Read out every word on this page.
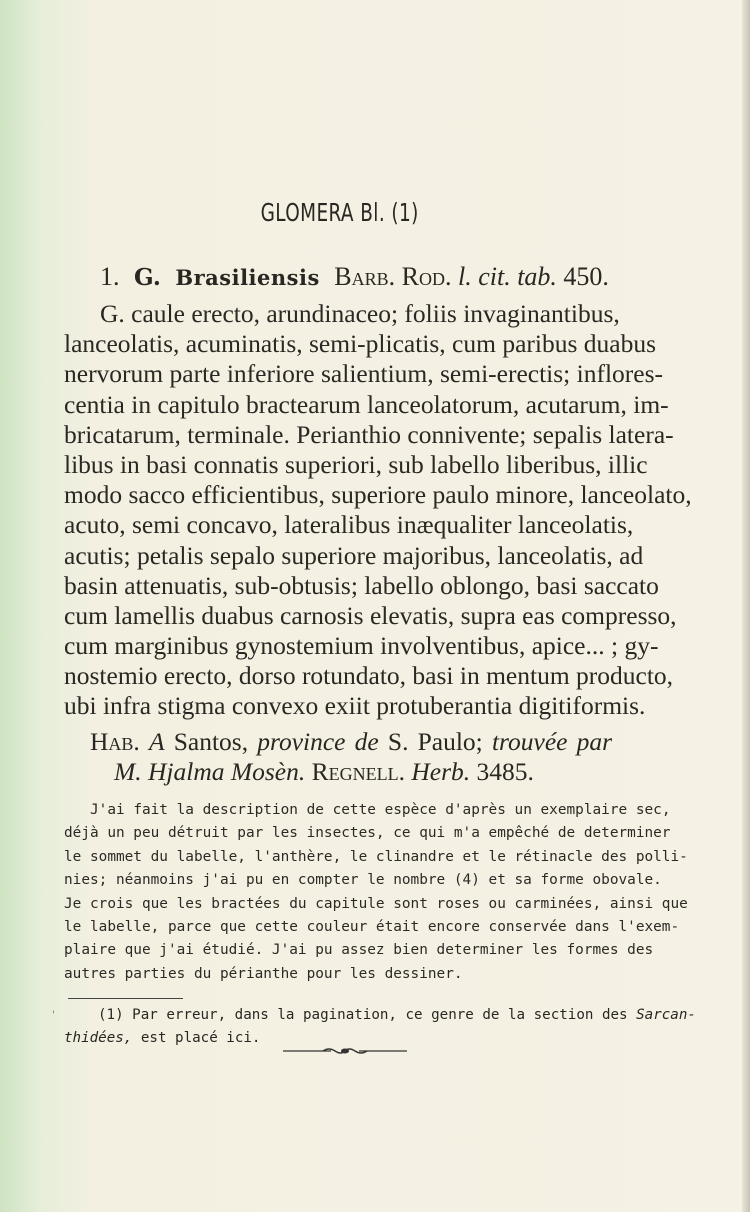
GLOMERA Bl. (1)
1. G. Brasiliensis Barb. Rod. l. cit. tab. 450.
G. caule erecto, arundinaceo; foliis invaginantibus,
lanceolatis, acuminatis, semi-plicatis, cum paribus duabus
nervorum parte inferiore salientium, semi-erectis; inflores-
centia in capitulo bractearum lanceolatorum, acutarum, im-
bricatarum, terminale. Perianthio connivente; sepalis latera-
libus in basi connatis superiori, sub labello liberibus, illic
modo sacco efficientibus, superiore paulo minore, lanceolato,
acuto, semi concavo, lateralibus inæqualiter lanceolatis,
acutis; petalis sepalo superiore majoribus, lanceolatis, ad
basin attenuatis, sub-obtusis; labello oblongo, basi saccato
cum lamellis duabus carnosis elevatis, supra eas compresso,
cum marginibus gynostemium involventibus, apice... ; gy-
nostemio erecto, dorso rotundato, basi in mentum producto,
ubi infra stigma convexo exiit protuberantia digitiformis.
Hab. A Santos, province de S. Paulo; trouvée par
M. Hjalma Mosèn. Regnell. Herb. 3485.
J'ai fait la description de cette espèce d'après un exemplaire sec,
déjà un peu détruit par les insectes, ce qui m'a empêché de determiner
le sommet du labelle, l'anthère, le clinandre et le rétinacle des polli-
nies; néanmoins j'ai pu en compter le nombre (4) et sa forme obovale.
Je crois que les bractées du capitule sont roses ou carminées, ainsi que
le labelle, parce que cette couleur était encore conservée dans l'exem-
plaire que j'ai étudié. J'ai pu assez bien determiner les formes des
autres parties du périanthe pour les dessiner.
'	(1) Par erreur, dans la pagination, ce genre de la section des Sarcan-
thidées, est placé ici.
